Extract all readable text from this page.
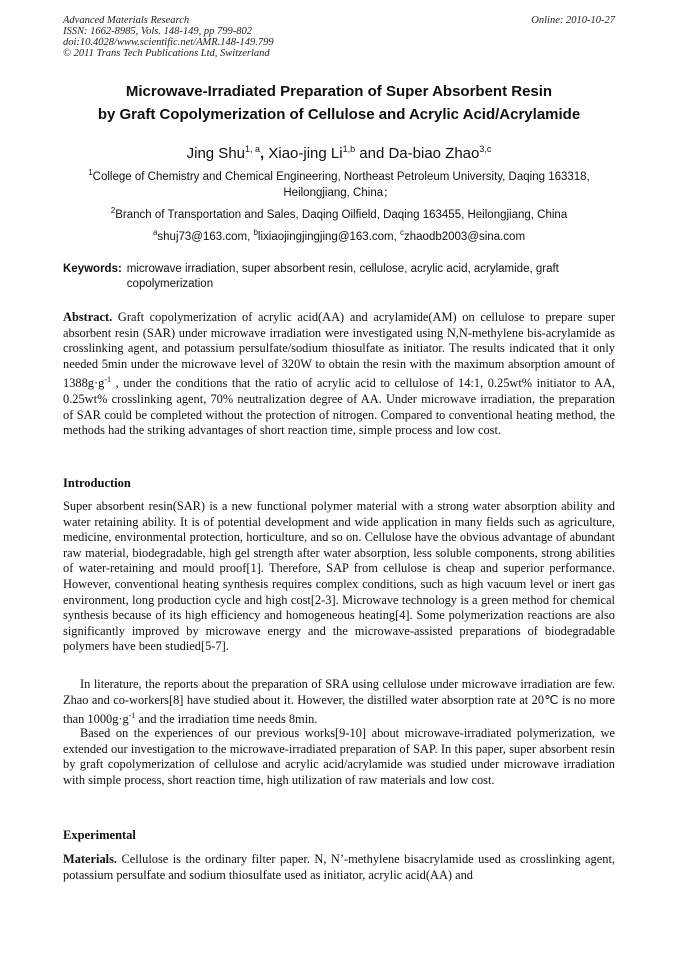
Advanced Materials Research
ISSN: 1662-8985, Vols. 148-149, pp 799-802
doi:10.4028/www.scientific.net/AMR.148-149.799
© 2011 Trans Tech Publications Ltd, Switzerland
Online: 2010-10-27
Microwave-Irradiated Preparation of Super Absorbent Resin
by Graft Copolymerization of Cellulose and Acrylic Acid/Acrylamide
Jing Shu$^{1, a}$, Xiao-jing Li$^{1,b}$ and Da-biao Zhao$^{3,c}$
$^1$College of Chemistry and Chemical Engineering, Northeast Petroleum University, Daqing 163318, Heilongjiang, China；
$^2$Branch of Transportation and Sales, Daqing Oilfield, Daqing 163455, Heilongjiang, China
$^a$shuj73@163.com, $^b$lixiaojingjingjing@163.com, $^c$zhaodb2003@sina.com
Keywords: microwave irradiation, super absorbent resin, cellulose, acrylic acid, acrylamide, graft copolymerization
Abstract. Graft copolymerization of acrylic acid(AA) and acrylamide(AM) on cellulose to prepare super absorbent resin (SAR) under microwave irradiation were investigated using N,N-methylene bis-acrylamide as crosslinking agent, and potassium persulfate/sodium thiosulfate as initiator. The results indicated that it only needed 5min under the microwave level of 320W to obtain the resin with the maximum absorption amount of $1388g\cdot g^{-1}$ , under the conditions that the ratio of acrylic acid to cellulose of 14:1, 0.25wt% initiator to AA, 0.25wt% crosslinking agent, 70% neutralization degree of AA. Under microwave irradiation, the preparation of SAR could be completed without the protection of nitrogen. Compared to conventional heating method, the methods had the striking advantages of short reaction time, simple process and low cost.
Introduction
Super absorbent resin(SAR) is a new functional polymer material with a strong water absorption ability and water retaining ability. It is of potential development and wide application in many fields such as agriculture, medicine, environmental protection, horticulture, and so on. Cellulose have the obvious advantage of abundant raw material, biodegradable, high gel strength after water absorption, less soluble components, strong abilities of water-retaining and mould proof[1]. Therefore, SAP from cellulose is cheap and superior performance. However, conventional heating synthesis requires complex conditions, such as high vacuum level or inert gas environment, long production cycle and high cost[2-3]. Microwave technology is a green method for chemical synthesis because of its high efficiency and homogeneous heating[4]. Some polymerization reactions are also significantly improved by microwave energy and the microwave-assisted preparations of biodegradable polymers have been studied[5-7].
In literature, the reports about the preparation of SRA using cellulose under microwave irradiation are few. Zhao and co-workers[8] have studied about it. However, the distilled water absorption rate at 20℃ is no more than $1000g\cdot g^{-1}$ and the irradiation time needs 8min.
Based on the experiences of our previous works[9-10] about microwave-irradiated polymerization, we extended our investigation to the microwave-irradiated preparation of SAP. In this paper, super absorbent resin by graft copolymerization of cellulose and acrylic acid/acrylamide was studied under microwave irradiation with simple process, short reaction time, high utilization of raw materials and low cost.
Experimental
Materials. Cellulose is the ordinary filter paper. N, N’-methylene bisacrylamide used as crosslinking agent, potassium persulfate and sodium thiosulfate used as initiator, acrylic acid(AA) and
